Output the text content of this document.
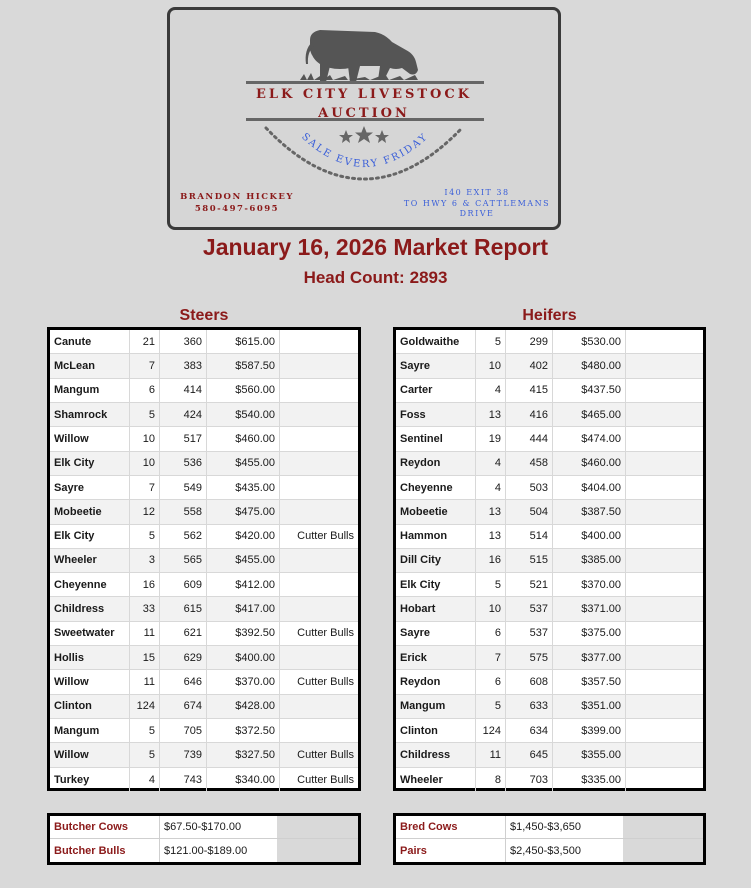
SALE EVERY FRIDAY
ELK CITY LIVESTOCK
AUCTION
BRANDON HICKEY
580-497-6095
I40 EXIT 38
TO HWY 6 & CATTLEMANS
DRIVE
January 16, 2026 Market Report
Head Count: 2893
Steers	Heifers
Canute	21	360	$615.00
McLean	7	383	$587.50
Mangum	6	414	$560.00
Shamrock	5	424	$540.00
Willow	10	517	$460.00
Elk City	10	536	$455.00
Sayre	7	549	$435.00
Mobeetie	12	558	$475.00
Elk City	5	562	$420.00	Cutter Bulls
Wheeler	3	565	$455.00
Cheyenne	16	609	$412.00
Childress	33	615	$417.00
Sweetwater	11	621	$392.50	Cutter Bulls
Hollis	15	629	$400.00
Willow	11	646	$370.00	Cutter Bulls
Clinton	124	674	$428.00
Mangum	5	705	$372.50
Willow	5	739	$327.50	Cutter Bulls
Turkey	4	743	$340.00	Cutter Bulls
Goldwaithe	5	299	$530.00
Sayre	10	402	$480.00
Carter	4	415	$437.50
Foss	13	416	$465.00
Sentinel	19	444	$474.00
Reydon	4	458	$460.00
Cheyenne	4	503	$404.00
Mobeetie	13	504	$387.50
Hammon	13	514	$400.00
Dill City	16	515	$385.00
Elk City	5	521	$370.00
Hobart	10	537	$371.00
Sayre	6	537	$375.00
Erick	7	575	$377.00
Reydon	6	608	$357.50
Mangum	5	633	$351.00
Clinton	124	634	$399.00
Childress	11	645	$355.00
Wheeler	8	703	$335.00
Butcher Cows	$67.50-$170.00
Butcher Bulls	$121.00-$189.00
Bred Cows	$1,450-$3,650
Pairs	$2,450-$3,500
